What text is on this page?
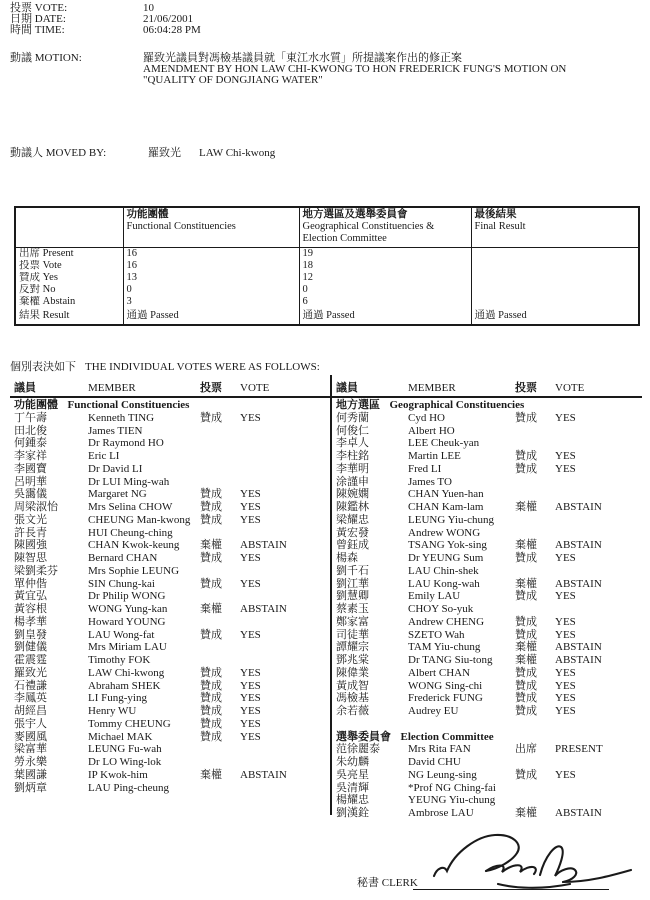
投票 VOTE:	10
日期 DATE:	21/06/2001
時間 TIME:	06:04:28 PM
動議 MOTION:	羅致光議員對馮檢基議員就「東江水水質」所提議案作出的修正案
AMENDMENT BY HON LAW CHI-KWONG TO HON FREDERICK FUNG'S MOTION ON
"QUALITY OF DONGJIANG WATER"
動議人 MOVED BY:	羅致光 LAW Chi-kwong

功能團體
Functional Constituencies

地方選區及選舉委員會
Geographical Constituencies & Election Committee

最後結果
Final Result

出席 Present	16	19	
投票 Vote	16	18	
贊成 Yes	13	12	
反對 No	0	0	
棄權 Abstain	3	6	
結果 Result	通過 Passed	通過 Passed	通過 Passed
個別表決如下 THE INDIVIDUAL VOTES WERE AS FOLLOWS:
議員	MEMBER	投票	VOTE	議員	MEMBER	投票	VOTE
功能團體 Functional Constituencies
丁午壽	Kenneth TING	贊成	YES
田北俊	James TIEN
何鍾泰	Dr Raymond HO
李家祥	Eric LI
李國寶	Dr David LI
呂明華	Dr LUI Ming-wah
吳靄儀	Margaret NG	贊成	YES
周梁淑怡	Mrs Selina CHOW	贊成	YES
張文光	CHEUNG Man-kwong 贊成	YES
許長青	HUI Cheung-ching
陳國強	CHAN Kwok-keung	棄權	ABSTAIN
陳智思	Bernard CHAN	贊成	YES
梁劉柔芬	Mrs Sophie LEUNG
單仲偕	SIN Chung-kai	贊成	YES
黃宜弘	Dr Philip WONG
黃容根	WONG Yung-kan	棄權	ABSTAIN
楊孝華	Howard YOUNG
劉皇發	LAU Wong-fat	贊成	YES
劉健儀	Mrs Miriam LAU
霍震霆	Timothy FOK
羅致光	LAW Chi-kwong	贊成	YES
石禮謙	Abraham SHEK	贊成	YES
李鳳英	LI Fung-ying	贊成	YES
胡經昌	Henry WU	贊成	YES
張宇人	Tommy CHEUNG	贊成	YES
麥國風	Michael MAK	贊成	YES
梁富華	LEUNG Fu-wah
勞永樂	Dr LO Wing-lok
葉國謙	IP Kwok-him	棄權	ABSTAIN
劉炳章	LAU Ping-cheung
地方選區 Geographical Constituencies
何秀蘭	Cyd HO	贊成	YES
何俊仁	Albert HO
李卓人	LEE Cheuk-yan
李柱銘	Martin LEE	贊成	YES
李華明	Fred LI	贊成	YES
涂謹申	James TO
陳婉嫻	CHAN Yuen-han
陳鑑林	CHAN Kam-lam	棄權	ABSTAIN
梁耀忠	LEUNG Yiu-chung
黃宏發	Andrew WONG
曾鈺成	TSANG Yok-sing	棄權	ABSTAIN
楊森	Dr YEUNG Sum	贊成	YES
劉千石	LAU Chin-shek
劉江華	LAU Kong-wah	棄權	ABSTAIN
劉慧卿	Emily LAU	贊成	YES
蔡素玉	CHOY So-yuk
鄭家富	Andrew CHENG	贊成	YES
司徒華	SZETO Wah	贊成	YES
譚耀宗	TAM Yiu-chung	棄權	ABSTAIN
鄧兆棠	Dr TANG Siu-tong	棄權	ABSTAIN
陳偉業	Albert CHAN	贊成	YES
黃成智	WONG Sing-chi	贊成	YES
馮檢基	Frederick FUNG	贊成	YES
余若薇	Audrey EU	贊成	YES
選舉委員會 Election Committee
范徐麗泰	Mrs Rita FAN	出席	PRESENT
朱幼麟	David CHU
吳亮星	NG Leung-sing	贊成	YES
吳清輝	*Prof NG Ching-fai
楊耀忠	YEUNG Yiu-chung
劉漢銓	Ambrose LAU	棄權	ABSTAIN
秘書 CLERK
